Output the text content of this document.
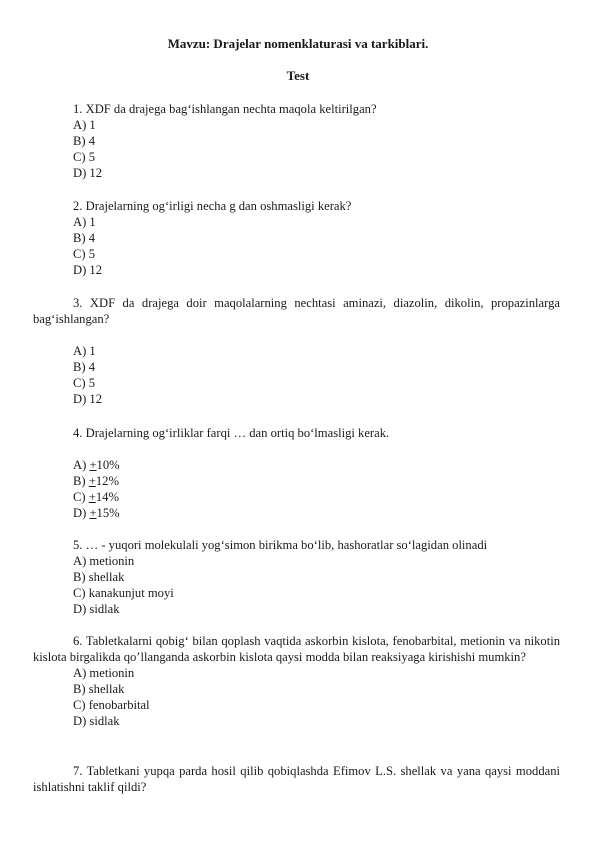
Mavzu: Drajelar nomenklaturasi va tarkiblari.
Test

1. XDF da drajega bag‘ishlangan nechta maqola keltirilgan?

A) 1

B) 4

C) 5

D) 12

2. Drajelarning og‘irligi necha g dan oshmasligi kerak?

A) 1

B) 4

C) 5

D) 12

3. XDF da drajega doir maqolalarning nechtasi aminazi, diazolin, dikolin, propazinlarga bag‘ishlangan?

A) 1

B) 4

C) 5

D) 12

4. Drajelarning og‘irliklar farqi … dan ortiq bo‘lmasligi kerak.

A) +10%

B) +12%

C) +14%

D) +15%

5. … - yuqori molekulali yog‘simon birikma bo‘lib, hashoratlar so‘lagidan olinadi

A) metionin

B) shellak

C) kanakunjut moyi

D) sidlak

6. Tabletkalarni qobig‘ bilan qoplash vaqtida askorbin kislota, fenobarbital, metionin va nikotin kislota birgalikda qo’llanganda askorbin kislota qaysi modda bilan reaksiyaga kirishishi mumkin?

A) metionin

B) shellak

C) fenobarbital

D) sidlak

7. Tabletkani yupqa parda hosil qilib qobiqlashda Efimov L.S. shellak va yana qaysi moddani ishlatishni taklif qildi?
